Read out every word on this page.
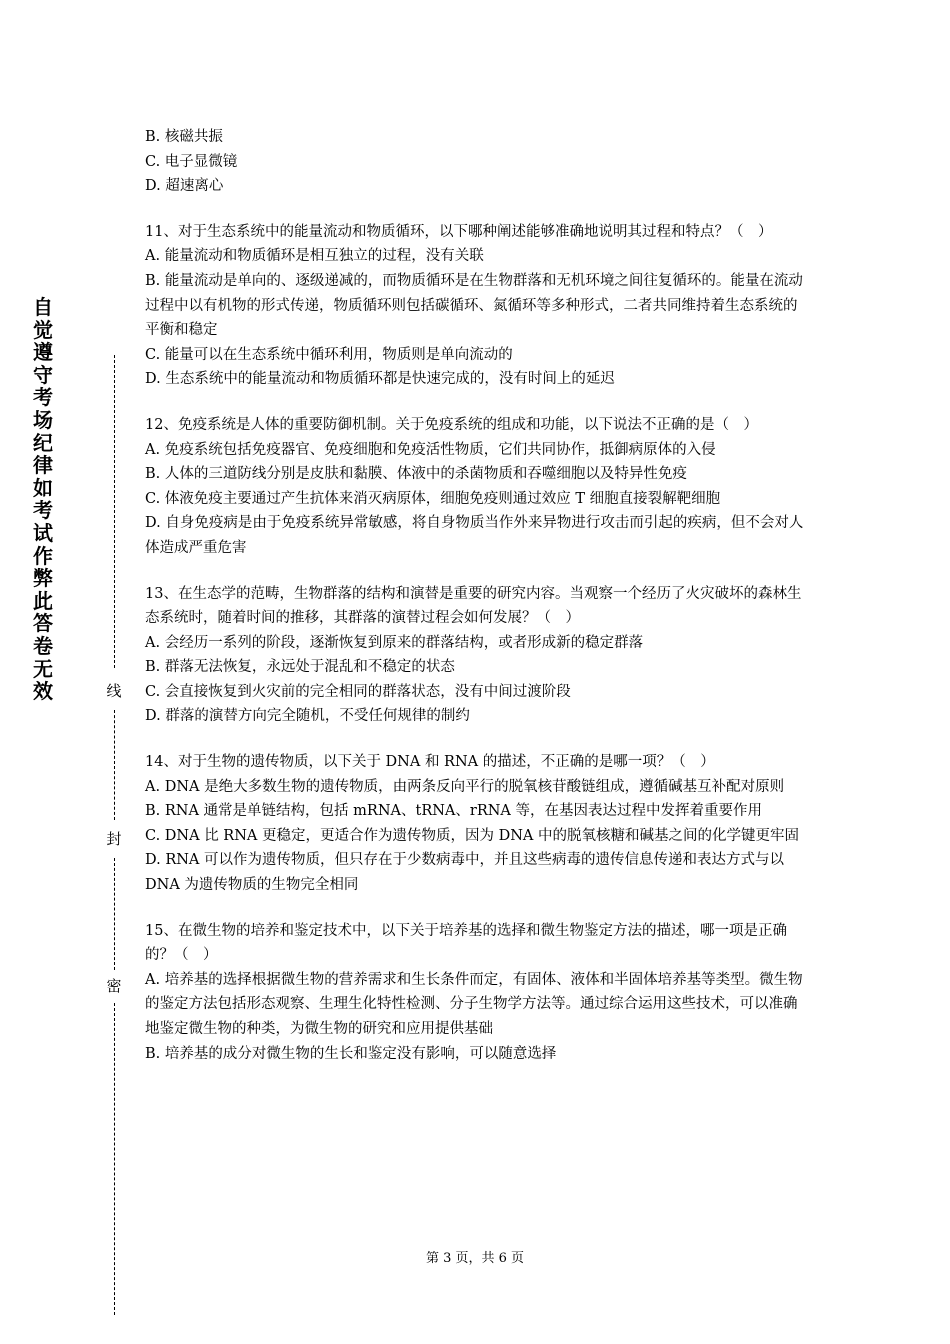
自觉遵守考场纪律如考试作弊此答卷无效	线
封
密

B. 核磁共振

C. 电子显微镜

D. 超速离心

11、对于生态系统中的能量流动和物质循环，以下哪种阐述能够准确地说明其过程和特点？（　）

A. 能量流动和物质循环是相互独立的过程，没有关联

B. 能量流动是单向的、逐级递减的，而物质循环是在生物群落和无机环境之间往复循环的。能量在流动过程中以有机物的形式传递，物质循环则包括碳循环、氮循环等多种形式，二者共同维持着生态系统的平衡和稳定

C. 能量可以在生态系统中循环利用，物质则是单向流动的

D. 生态系统中的能量流动和物质循环都是快速完成的，没有时间上的延迟

12、免疫系统是人体的重要防御机制。关于免疫系统的组成和功能，以下说法不正确的是（　）

A. 免疫系统包括免疫器官、免疫细胞和免疫活性物质，它们共同协作，抵御病原体的入侵

B. 人体的三道防线分别是皮肤和黏膜、体液中的杀菌物质和吞噬细胞以及特异性免疫

C. 体液免疫主要通过产生抗体来消灭病原体，细胞免疫则通过效应 T 细胞直接裂解靶细胞

D. 自身免疫病是由于免疫系统异常敏感，将自身物质当作外来异物进行攻击而引起的疾病，但不会对人体造成严重危害

13、在生态学的范畴，生物群落的结构和演替是重要的研究内容。当观察一个经历了火灾破坏的森林生态系统时，随着时间的推移，其群落的演替过程会如何发展？（　）

A. 会经历一系列的阶段，逐渐恢复到原来的群落结构，或者形成新的稳定群落

B. 群落无法恢复，永远处于混乱和不稳定的状态

C. 会直接恢复到火灾前的完全相同的群落状态，没有中间过渡阶段

D. 群落的演替方向完全随机，不受任何规律的制约

14、对于生物的遗传物质，以下关于 DNA 和 RNA 的描述，不正确的是哪一项？（　）

A. DNA 是绝大多数生物的遗传物质，由两条反向平行的脱氧核苷酸链组成，遵循碱基互补配对原则

B. RNA 通常是单链结构，包括 mRNA、tRNA、rRNA 等，在基因表达过程中发挥着重要作用

C. DNA 比 RNA 更稳定，更适合作为遗传物质，因为 DNA 中的脱氧核糖和碱基之间的化学键更牢固

D. RNA 可以作为遗传物质，但只存在于少数病毒中，并且这些病毒的遗传信息传递和表达方式与以 DNA 为遗传物质的生物完全相同

15、在微生物的培养和鉴定技术中，以下关于培养基的选择和微生物鉴定方法的描述，哪一项是正确的？（　）

A. 培养基的选择根据微生物的营养需求和生长条件而定，有固体、液体和半固体培养基等类型。微生物的鉴定方法包括形态观察、生理生化特性检测、分子生物学方法等。通过综合运用这些技术，可以准确地鉴定微生物的种类，为微生物的研究和应用提供基础

B. 培养基的成分对微生物的生长和鉴定没有影响，可以随意选择

第 3 页，共 6 页
